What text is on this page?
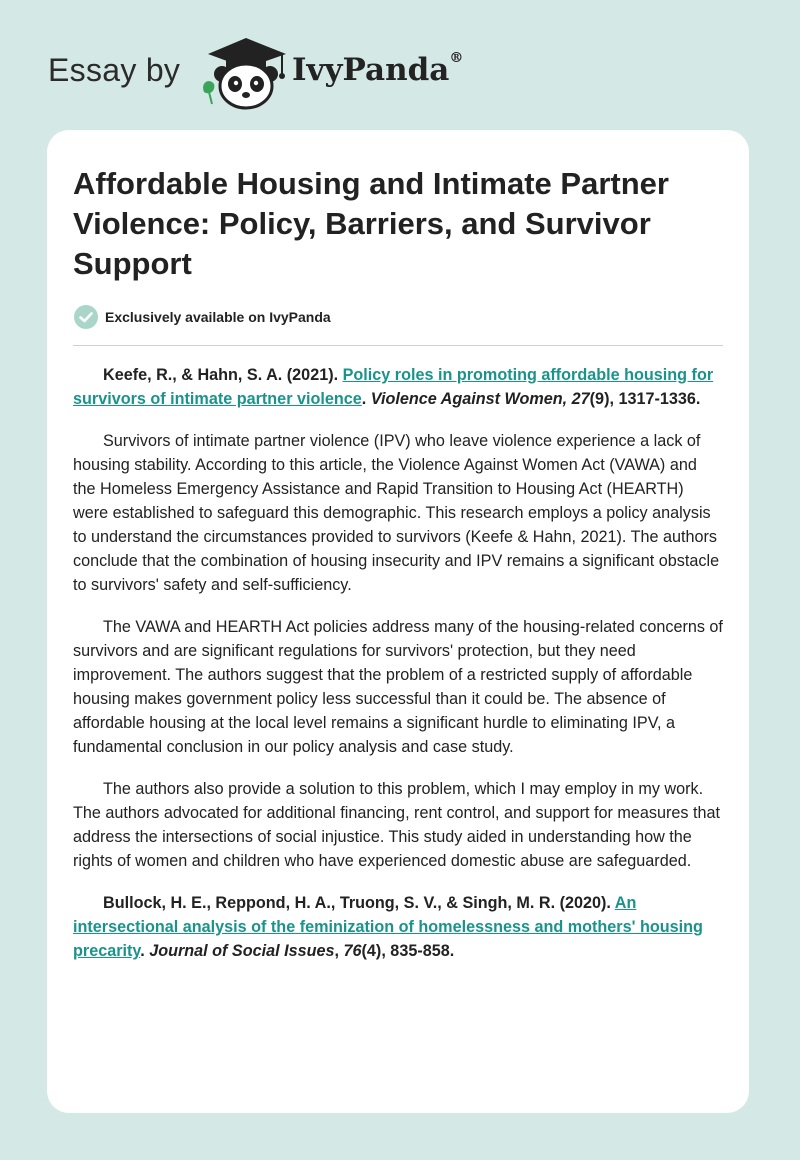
Essay by	IvyPanda®
Affordable Housing and Intimate Partner Violence: Policy, Barriers, and Survivor Support
Exclusively available on IvyPanda

Keefe, R., & Hahn, S. A. (2021). Policy roles in promoting affordable housing for survivors of intimate partner violence. Violence Against Women, 27(9), 1317-1336.

Survivors of intimate partner violence (IPV) who leave violence experience a lack of housing stability. According to this article, the Violence Against Women Act (VAWA) and the Homeless Emergency Assistance and Rapid Transition to Housing Act (HEARTH) were established to safeguard this demographic. This research employs a policy analysis to understand the circumstances provided to survivors (Keefe & Hahn, 2021). The authors conclude that the combination of housing insecurity and IPV remains a significant obstacle to survivors' safety and self-sufficiency.

The VAWA and HEARTH Act policies address many of the housing-related concerns of survivors and are significant regulations for survivors' protection, but they need improvement. The authors suggest that the problem of a restricted supply of affordable housing makes government policy less successful than it could be. The absence of affordable housing at the local level remains a significant hurdle to eliminating IPV, a fundamental conclusion in our policy analysis and case study.

The authors also provide a solution to this problem, which I may employ in my work. The authors advocated for additional financing, rent control, and support for measures that address the intersections of social injustice. This study aided in understanding how the rights of women and children who have experienced domestic abuse are safeguarded.

Bullock, H. E., Reppond, H. A., Truong, S. V., & Singh, M. R. (2020). An intersectional analysis of the feminization of homelessness and mothers' housing precarity. Journal of Social Issues, 76(4), 835-858.
